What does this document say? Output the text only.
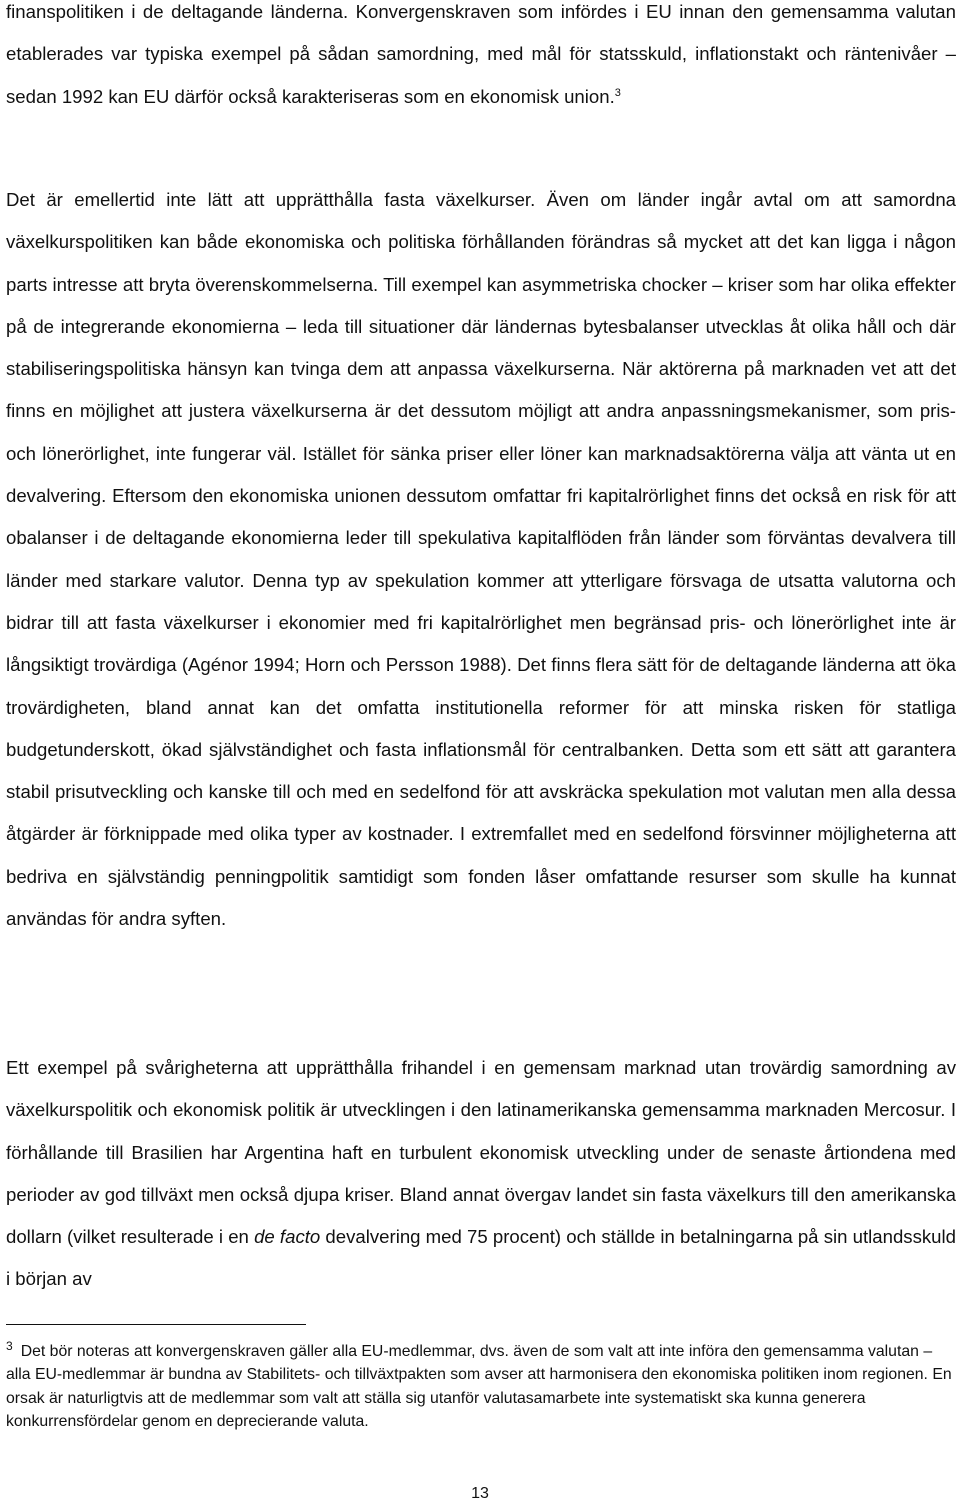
finanspolitiken i de deltagande länderna. Konvergenskraven som infördes i EU innan den gemensamma valutan etablerades var typiska exempel på sådan samordning, med mål för statsskuld, inflationstakt och räntenivåer – sedan 1992 kan EU därför också karakteriseras som en ekonomisk union.$^3$

Det är emellertid inte lätt att upprätthålla fasta växelkurser. Även om länder ingår avtal om att samordna växelkurspolitiken kan både ekonomiska och politiska förhållanden förändras så mycket att det kan ligga i någon parts intresse att bryta överenskommelserna. Till exempel kan asymmetriska chocker – kriser som har olika effekter på de integrerande ekonomierna – leda till situationer där ländernas bytesbalanser utvecklas åt olika håll och där stabiliseringspolitiska hänsyn kan tvinga dem att anpassa växelkurserna. När aktörerna på marknaden vet att det finns en möjlighet att justera växelkurserna är det dessutom möjligt att andra anpassningsmekanismer, som pris- och lönerörlighet, inte fungerar väl. Istället för sänka priser eller löner kan marknadsaktörerna välja att vänta ut en devalvering. Eftersom den ekonomiska unionen dessutom omfattar fri kapitalrörlighet finns det också en risk för att obalanser i de deltagande ekonomierna leder till spekulativa kapitalflöden från länder som förväntas devalvera till länder med starkare valutor. Denna typ av spekulation kommer att ytterligare försvaga de utsatta valutorna och bidrar till att fasta växelkurser i ekonomier med fri kapitalrörlighet men begränsad pris- och lönerörlighet inte är långsiktigt trovärdiga (Agénor 1994; Horn och Persson 1988). Det finns flera sätt för de deltagande länderna att öka trovärdigheten, bland annat kan det omfatta institutionella reformer för att minska risken för statliga budgetunderskott, ökad självständighet och fasta inflationsmål för centralbanken. Detta som ett sätt att garantera stabil prisutveckling och kanske till och med en sedelfond för att avskräcka spekulation mot valutan men alla dessa åtgärder är förknippade med olika typer av kostnader. I extremfallet med en sedelfond försvinner möjligheterna att bedriva en självständig penningpolitik samtidigt som fonden låser omfattande resurser som skulle ha kunnat användas för andra syften.

Ett exempel på svårigheterna att upprätthålla frihandel i en gemensam marknad utan trovärdig samordning av växelkurspolitik och ekonomisk politik är utvecklingen i den latinamerikanska gemensamma marknaden Mercosur. I förhållande till Brasilien har Argentina haft en turbulent ekonomisk utveckling under de senaste årtiondena med perioder av god tillväxt men också djupa kriser. Bland annat övergav landet sin fasta växelkurs till den amerikanska dollarn (vilket resulterade i en de facto devalvering med 75 procent) och ställde in betalningarna på sin utlandsskuld i början av

$^3$ Det bör noteras att konvergenskraven gäller alla EU-medlemmar, dvs. även de som valt att inte införa den gemensamma valutan – alla EU-medlemmar är bundna av Stabilitets- och tillväxtpakten som avser att harmonisera den ekonomiska politiken inom regionen. En orsak är naturligtvis att de medlemmar som valt att ställa sig utanför valutasamarbete inte systematiskt ska kunna generera konkurrensfördelar genom en deprecierande valuta.
13
